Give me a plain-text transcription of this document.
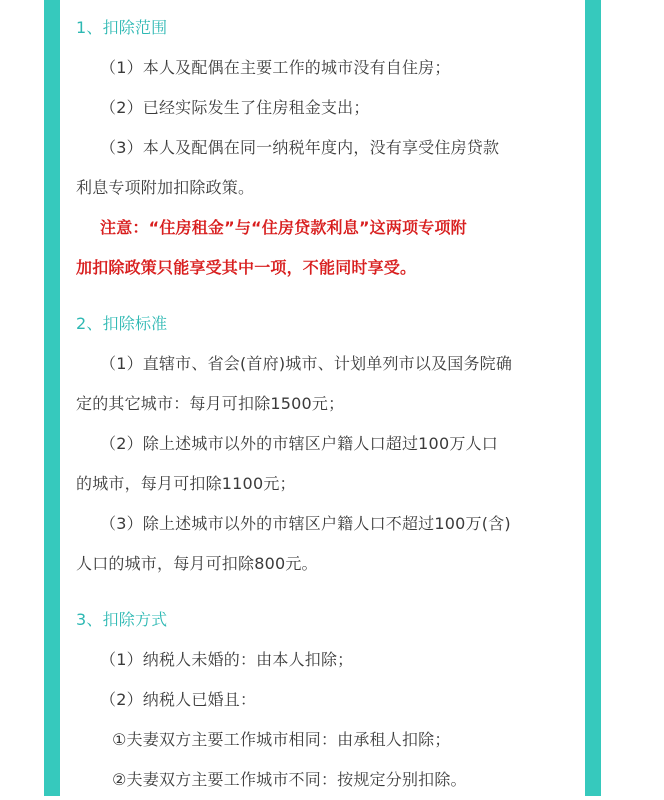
1、扣除范围
（1）本人及配偶在主要工作的城市没有自住房；
（2）已经实际发生了住房租金支出；
（3）本人及配偶在同一纳税年度内，没有享受住房贷款
利息专项附加扣除政策。
注意：“住房租金”与“住房贷款利息”这两项专项附
加扣除政策只能享受其中一项，不能同时享受。
2、扣除标准
（1）直辖市、省会(首府)城市、计划单列市以及国务院确
定的其它城市：每月可扣除1500元；
（2）除上述城市以外的市辖区户籍人口超过100万人口
的城市，每月可扣除1100元；
（3）除上述城市以外的市辖区户籍人口不超过100万(含)
人口的城市，每月可扣除800元。
3、扣除方式
（1）纳税人未婚的：由本人扣除；
（2）纳税人已婚且：
①夫妻双方主要工作城市相同：由承租人扣除；
②夫妻双方主要工作城市不同：按规定分别扣除。
